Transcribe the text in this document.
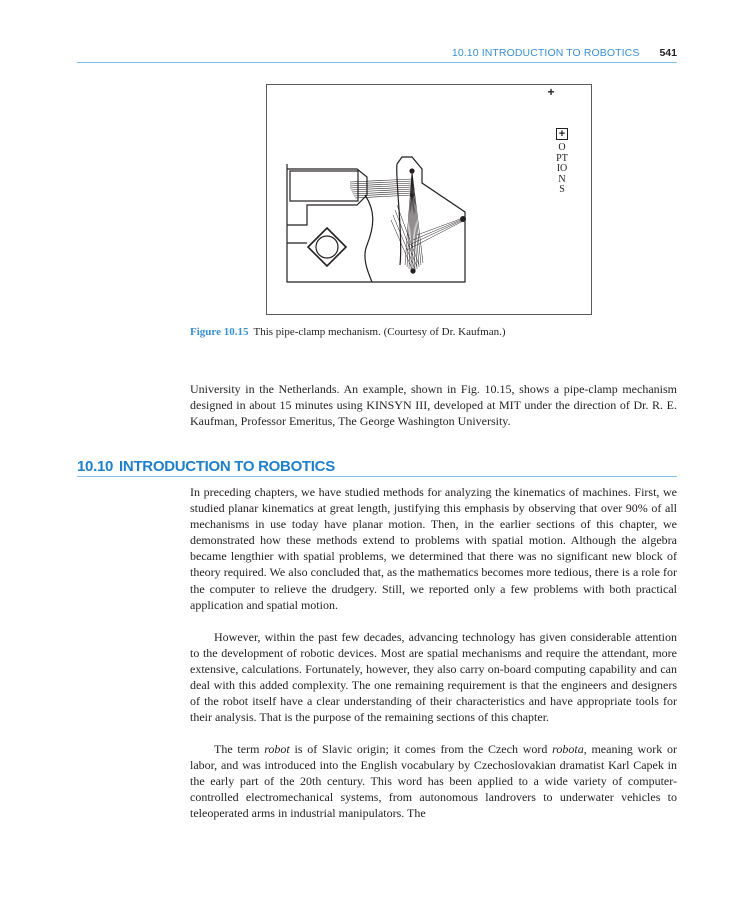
10.10 INTRODUCTION TO ROBOTICS 541
+
+
OPTIONS
Figure 10.15 This pipe-clamp mechanism. (Courtesy of Dr. Kaufman.)

University in the Netherlands. An example, shown in Fig. 10.15, shows a pipe-clamp mechanism designed in about 15 minutes using KINSYN III, developed at MIT under the direction of Dr. R. E. Kaufman, Professor Emeritus, The George Washington University.

10.10 INTRODUCTION TO ROBOTICS

In preceding chapters, we have studied methods for analyzing the kinematics of machines. First, we studied planar kinematics at great length, justifying this emphasis by observing that over 90% of all mechanisms in use today have planar motion. Then, in the earlier sections of this chapter, we demonstrated how these methods extend to problems with spatial motion. Although the algebra became lengthier with spatial problems, we determined that there was no significant new block of theory required. We also concluded that, as the mathematics becomes more tedious, there is a role for the computer to relieve the drudgery. Still, we reported only a few problems with both practical application and spatial motion.

However, within the past few decades, advancing technology has given considerable attention to the development of robotic devices. Most are spatial mechanisms and require the attendant, more extensive, calculations. Fortunately, however, they also carry on-board computing capability and can deal with this added complexity. The one remaining requirement is that the engineers and designers of the robot itself have a clear understanding of their characteristics and have appropriate tools for their analysis. That is the purpose of the remaining sections of this chapter.

The term robot is of Slavic origin; it comes from the Czech word robota, meaning work or labor, and was introduced into the English vocabulary by Czechoslovakian dramatist Karl Capek in the early part of the 20th century. This word has been applied to a wide variety of computer-controlled electromechanical systems, from autonomous landrovers to underwater vehicles to teleoperated arms in industrial manipulators. The
